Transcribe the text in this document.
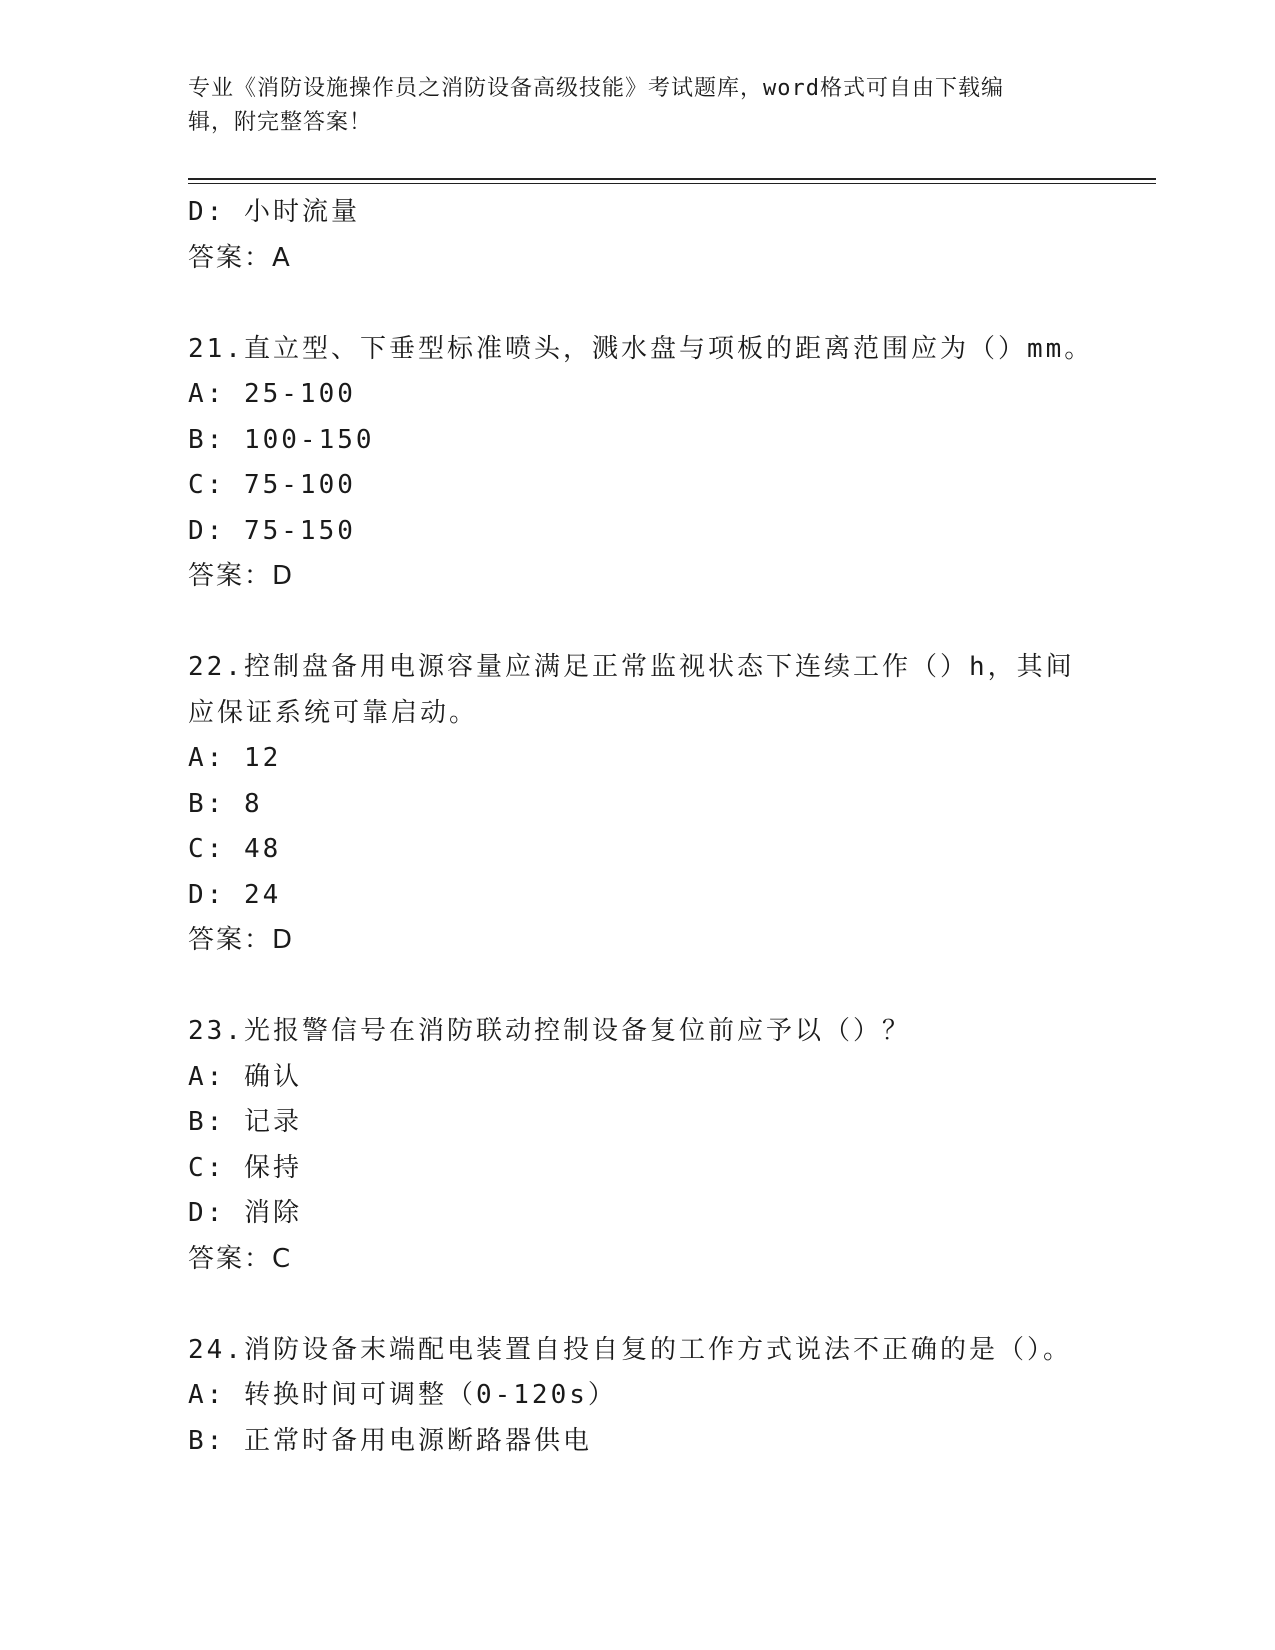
专业《消防设施操作员之消防设备高级技能》考试题库，word格式可自由下载编
辑，附完整答案！
D: 小时流量
答案：A
21.直立型、下垂型标准喷头，溅水盘与项板的距离范围应为（）mm。
A: 25-100
B: 100-150
C: 75-100
D: 75-150
答案：D
22.控制盘备用电源容量应满足正常监视状态下连续工作（）h，其间
应保证系统可靠启动。
A: 12
B: 8
C: 48
D: 24
答案：D
23.光报警信号在消防联动控制设备复位前应予以（）？
A: 确认
B: 记录
C: 保持
D: 消除
答案：C
24.消防设备末端配电装置自投自复的工作方式说法不正确的是（）。
A: 转换时间可调整（0-120s）
B: 正常时备用电源断路器供电
